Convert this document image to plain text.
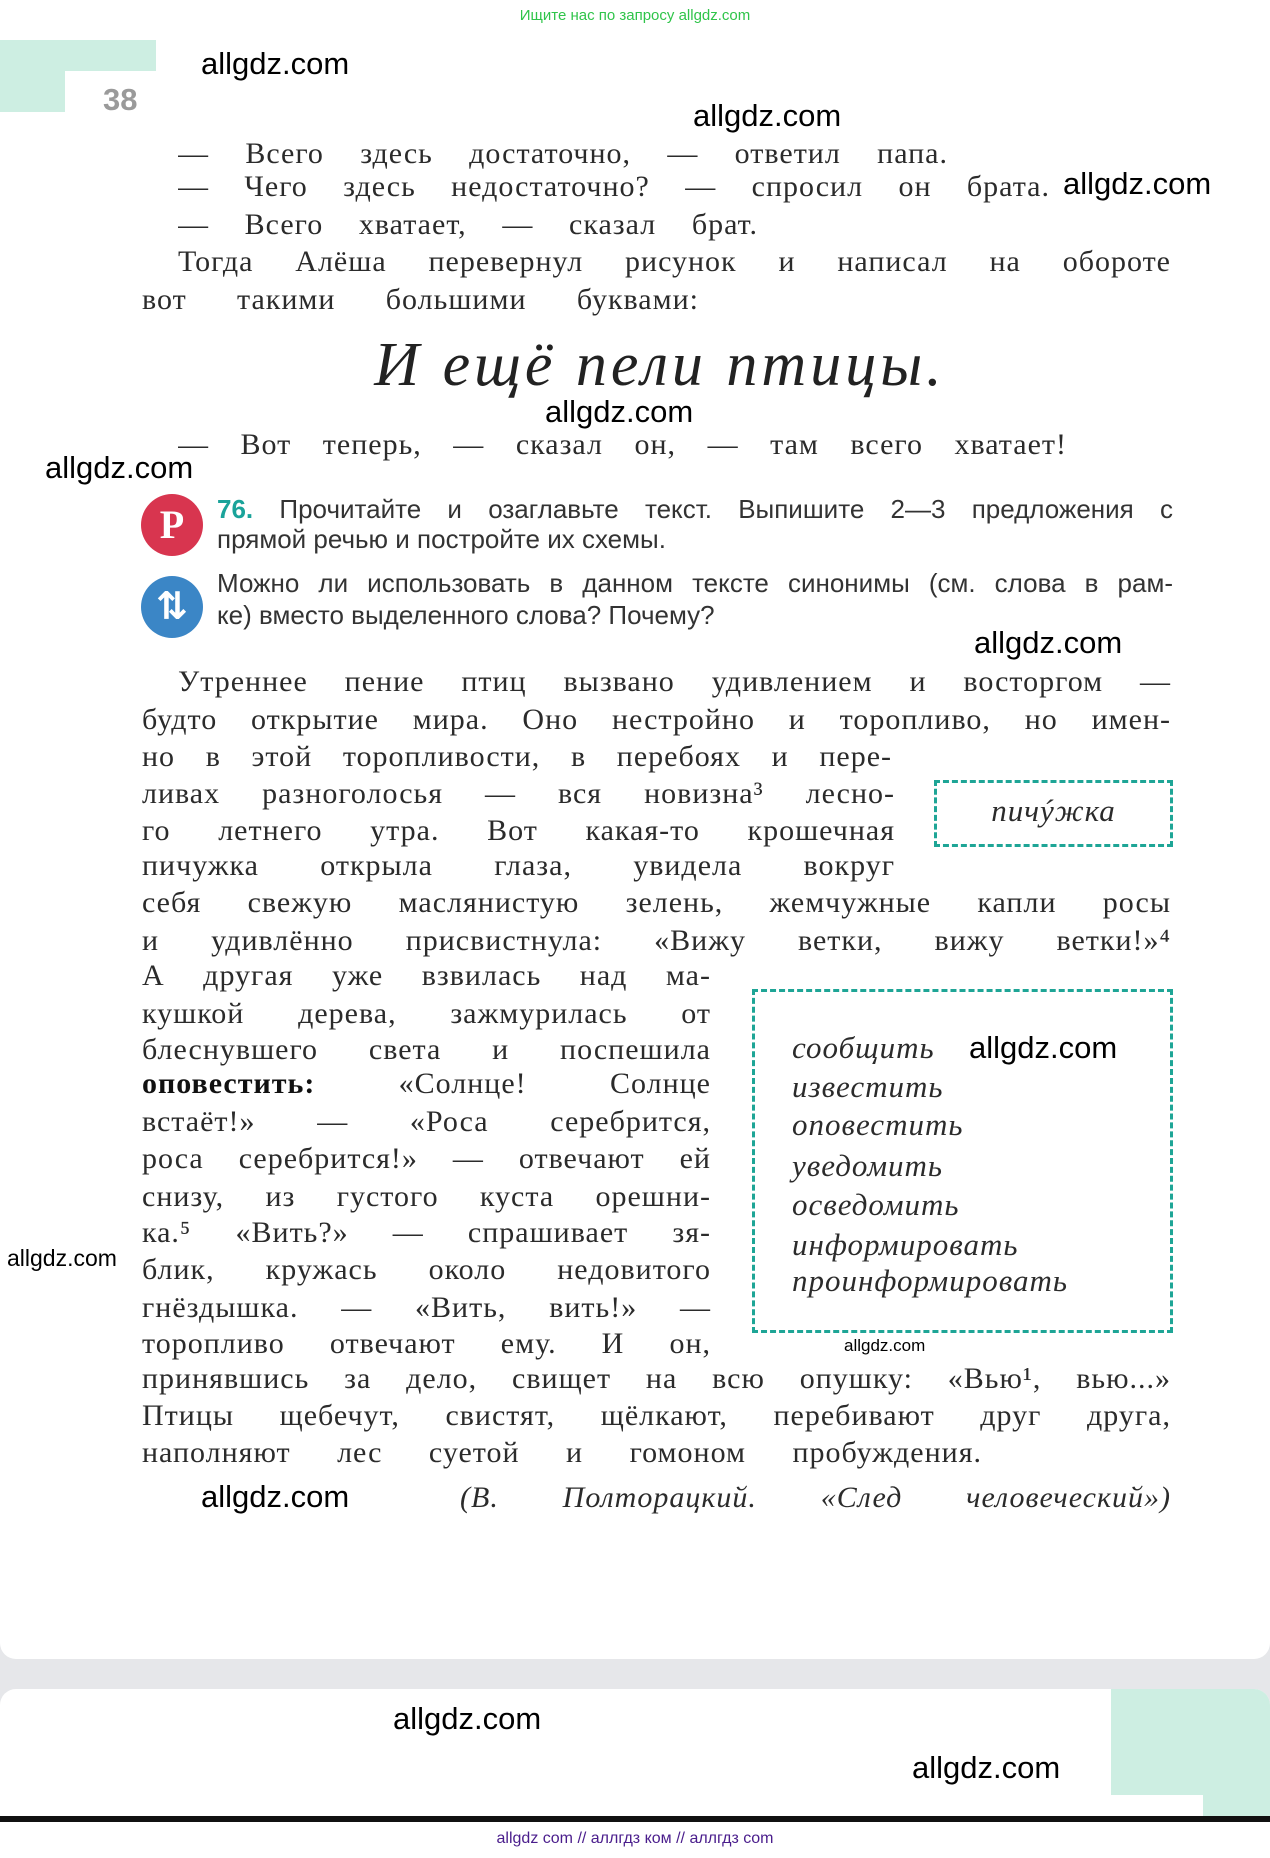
Ищите нас по запросу allgdz.com
38
— Всего здесь достаточно, — ответил папа.
— Чего здесь недостаточно? — спросил он брата.
— Всего хватает, — сказал брат.
Тогда Алёша перевернул рисунок и написал на обороте
вот такими большими буквами:
И ещё пели птицы.
— Вот теперь, — сказал он, — там всего хватает!
Р	76. Прочитайте и озаглавьте текст. Выпишите 2—3 предложения с
прямой речью и постройте их схемы.
⇅
Можно ли использовать в данном тексте синонимы (см. слова в рам-
ке) вместо выделенного слова? Почему?
Утреннее пение птиц вызвано удивлением и восторгом —
будто открытие мира. Оно нестройно и торопливо, но имен-
но в этой торопливости, в перебоях и пере-
ливах разноголосья — вся новизна³ лесно-
го летнего утра. Вот какая-то крошечная
пичужка открыла глаза, увидела вокруг
себя свежую маслянистую зелень, жемчужные капли росы
и удивлённо присвистнула: «Вижу ветки, вижу ветки!»⁴
А другая уже взвилась над ма-
кушкой дерева, зажмурилась от
блеснувшего света и поспешила
оповестить:	«Солнце! Солнце
встаёт!» — «Роса серебрится,
роса серебрится!» — отвечают ей
снизу, из густого куста орешни-
ка.⁵ «Вить?» — спрашивает зя-
блик, кружась около недовитого
гнёздышка. — «Вить, вить!» —
торопливо отвечают ему. И он,
принявшись за дело, свищет на всю опушку: «Вью¹, вью...»
Птицы щебечут, свистят, щёлкают, перебивают друг друга,
наполняют лес суетой и гомоном пробуждения.
(В. Полторацкий. «След человеческий»)
пичýжка
сообщить
известить
оповестить
уведомить
осведомить
информировать
проинформировать
allgdz.com
allgdz.com
allgdz.com
allgdz.com
allgdz.com
allgdz.com
allgdz.com
allgdz.com
allgdz.com
allgdz.com
allgdz.com
allgdz.com
allgdz com // аллгдз ком // аллгдз com
